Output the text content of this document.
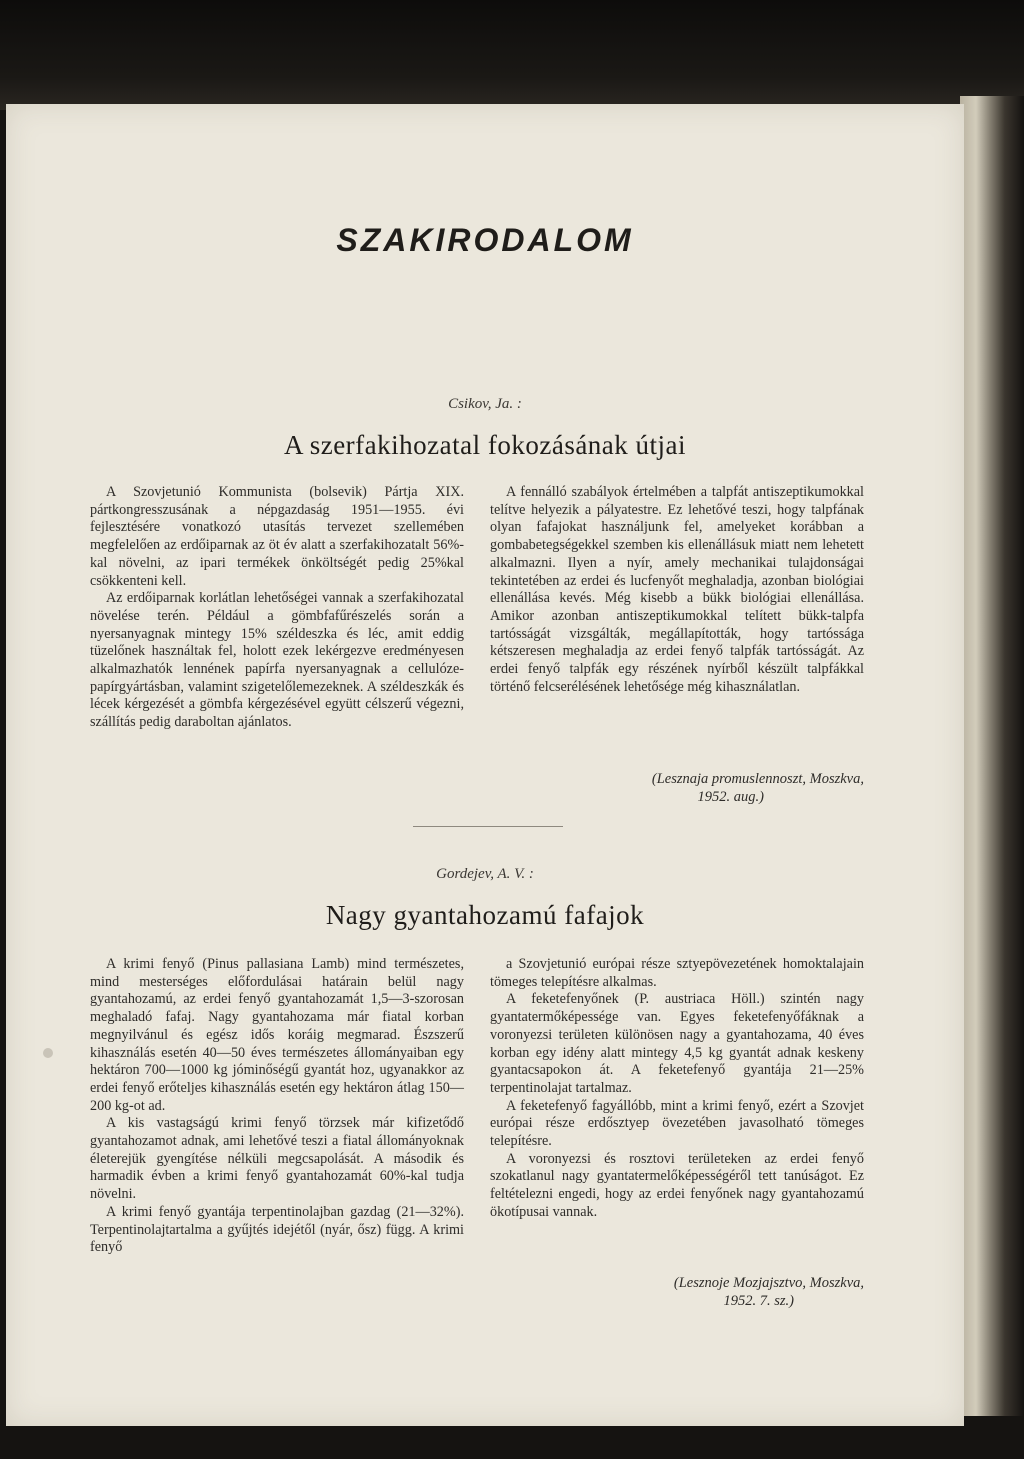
SZAKIRODALOM
Csikov, Ja. :
A szerfakihozatal fokozásának útjai

A Szovjetunió Kommunista (bolsevik) Pártja XIX. pártkongresszusának a népgazdaság 1951—1955. évi fejlesztésére vonatkozó utasítás tervezet szellemében megfelelően az erdőiparnak az öt év alatt a szerfakihozatalt 56%-kal növelni, az ipari termékek önköltségét pedig 25%kal csökkenteni kell.

Az erdőiparnak korlátlan lehetőségei vannak a szerfakihozatal növelése terén. Például a gömbfafűrészelés során a nyersanyagnak mintegy 15% széldeszka és léc, amit eddig tüzelőnek használtak fel, holott ezek lekérgezve eredményesen alkalmazhatók lennének papírfa nyersanyagnak a cellulóze-papírgyártásban, valamint szigetelőlemezeknek. A széldeszkák és lécek kérgezését a gömbfa kérgezésével együtt célszerű végezni, szállítás pedig daraboltan ajánlatos.

A fennálló szabályok értelmében a talpfát antiszeptikumokkal telítve helyezik a pályatestre. Ez lehetővé teszi, hogy talpfának olyan fafajokat használjunk fel, amelyeket korábban a gombabetegségekkel szemben kis ellenállásuk miatt nem lehetett alkalmazni. Ilyen a nyír, amely mechanikai tulajdonságai tekintetében az erdei és lucfenyőt meghaladja, azonban biológiai ellenállása kevés. Még kisebb a bükk biológiai ellenállása. Amikor azonban antiszeptikumokkal telített bükk-talpfa tartósságát vizsgálták, megállapították, hogy tartóssága kétszeresen meghaladja az erdei fenyő talpfák tartósságát. Az erdei fenyő talpfák egy részének nyírből készült talpfákkal történő felcserélésének lehetősége még kihasználatlan.

(Lesznaja promuslennoszt, Moszkva,
1952. aug.)
Gordejev, A. V. :
Nagy gyantahozamú fafajok

A krimi fenyő (Pinus pallasiana Lamb) mind természetes, mind mesterséges előfordulásai határain belül nagy gyantahozamú, az erdei fenyő gyantahozamát 1,5—3-szorosan meghaladó fafaj. Nagy gyantahozama már fiatal korban megnyilvánul és egész idős koráig megmarad. Észszerű kihasználás esetén 40—50 éves természetes állományaiban egy hektáron 700—1000 kg jóminőségű gyantát hoz, ugyanakkor az erdei fenyő erőteljes kihasználás esetén egy hektáron átlag 150—200 kg-ot ad.

A kis vastagságú krimi fenyő törzsek már kifizetődő gyantahozamot adnak, ami lehetővé teszi a fiatal állományoknak életerejük gyengítése nélküli megcsapolását. A második és harmadik évben a krimi fenyő gyantahozamát 60%-kal tudja növelni.

A krimi fenyő gyantája terpentinolajban gazdag (21—32%). Terpentinolajtartalma a gyűjtés idejétől (nyár, ősz) függ. A krimi fenyő

a Szovjetunió európai része sztyepövezetének homoktalajain tömeges telepítésre alkalmas.

A feketefenyőnek (P. austriaca Höll.) szintén nagy gyantatermőképessége van. Egyes feketefenyőfáknak a voronyezsi területen különösen nagy a gyantahozama, 40 éves korban egy idény alatt mintegy 4,5 kg gyantát adnak keskeny gyantacsapokon át. A feketefenyő gyantája 21—25% terpentinolajat tartalmaz.

A feketefenyő fagyállóbb, mint a krimi fenyő, ezért a Szovjet európai része erdősztyep övezetében javasolható tömeges telepítésre.

A voronyezsi és rosztovi területeken az erdei fenyő szokatlanul nagy gyantatermelőképességéről tett tanúságot. Ez feltételezni engedi, hogy az erdei fenyőnek nagy gyantahozamú ökotípusai vannak.

(Lesznoje Mozjajsztvo, Moszkva,
1952. 7. sz.)
